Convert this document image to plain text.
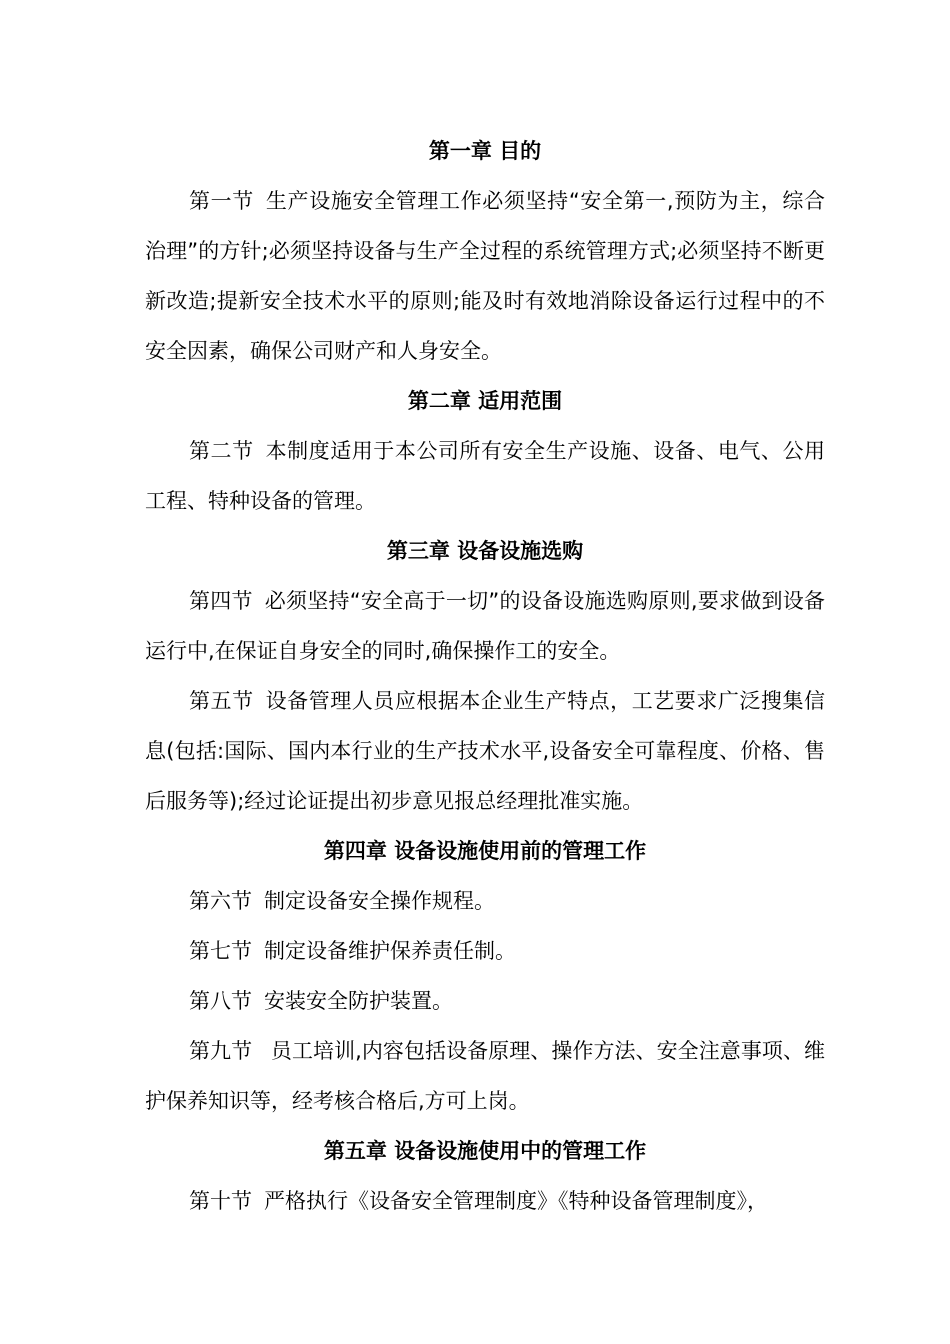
第一章 目的

第一节 生产设施安全管理工作必须坚持“安全第一,预防为主，综合治理”的方针;必须坚持设备与生产全过程的系统管理方式;必须坚持不断更新改造;提新安全技术水平的原则;能及时有效地消除设备运行过程中的不安全因素，确保公司财产和人身安全。

第二章 适用范围

第二节 本制度适用于本公司所有安全生产设施、设备、电气、公用工程、特种设备的管理。

第三章 设备设施选购

第四节 必须坚持“安全高于一切”的设备设施选购原则,要求做到设备运行中,在保证自身安全的同时,确保操作工的安全。

第五节 设备管理人员应根据本企业生产特点，工艺要求广泛搜集信息(包括:国际、国内本行业的生产技术水平,设备安全可靠程度、价格、售后服务等);经过论证提出初步意见报总经理批准实施。

第四章 设备设施使用前的管理工作

第六节 制定设备安全操作规程。

第七节 制定设备维护保养责任制。

第八节 安装安全防护装置。

第九节 员工培训,内容包括设备原理、操作方法、安全注意事项、维护保养知识等，经考核合格后,方可上岗。

第五章 设备设施使用中的管理工作

第十节 严格执行《设备安全管理制度》《特种设备管理制度》，
